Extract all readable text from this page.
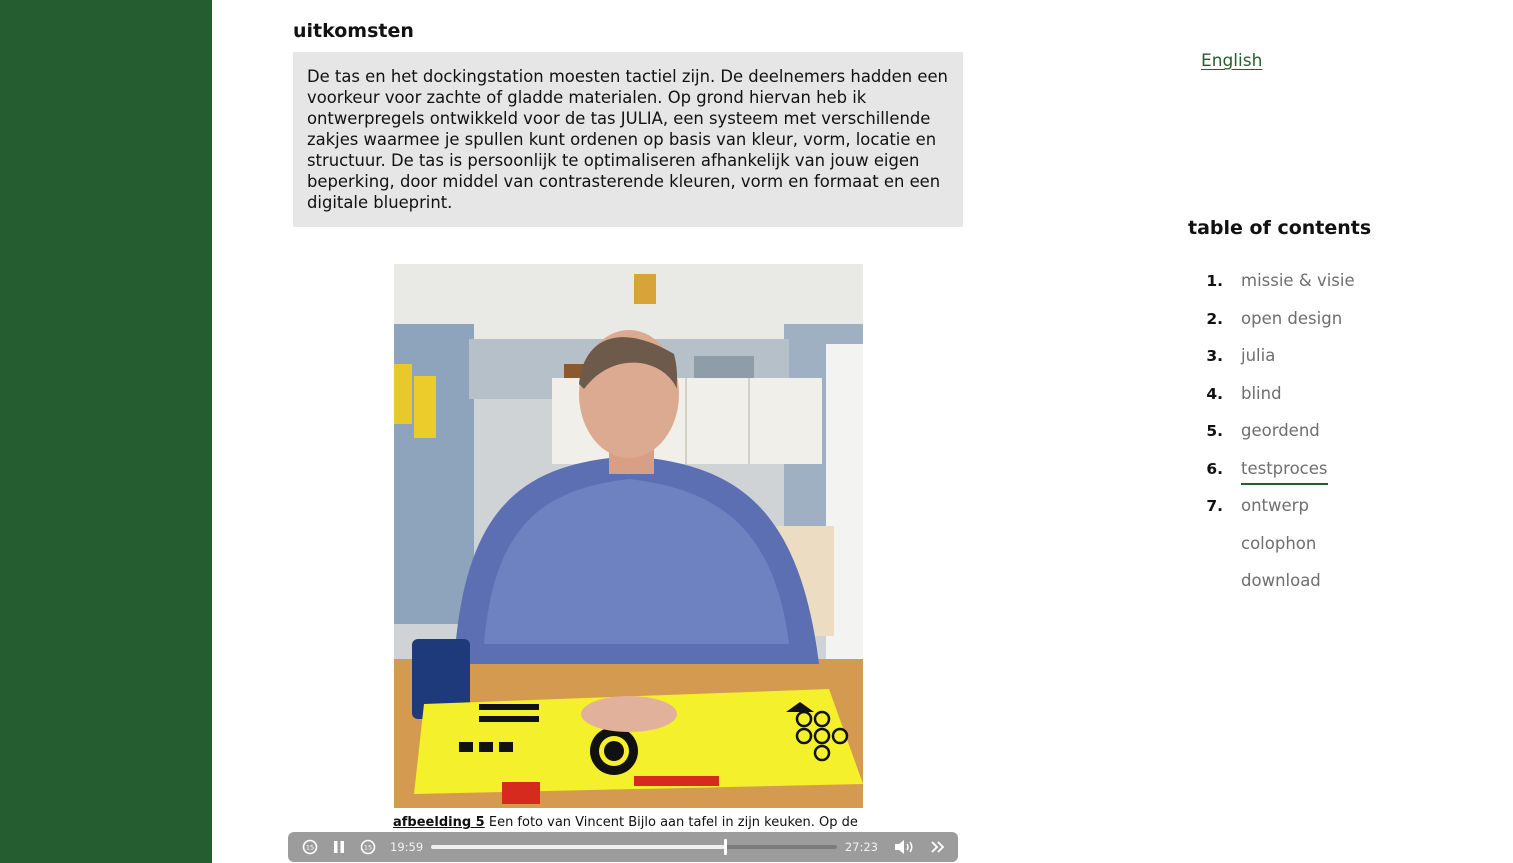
uitkomsten

De tas en het dockingstation moesten tactiel zijn. De deelnemers hadden een voorkeur voor zachte of gladde materialen. Op grond hiervan heb ik ontwerpregels ontwikkeld voor de tas JULIA, een systeem met verschillende zakjes waarmee je spullen kunt ordenen op basis van kleur, vorm, locatie en structuur. De tas is persoonlijk te optimaliseren afhankelijk van jouw eigen beperking, door middel van contrasterende kleuren, vorm en formaat en een digitale blueprint.

afbeelding 5 Een foto van Vincent Bijlo aan tafel in zijn keuken. Op de
15	15 19:59	27:23
English
table of contents
1.	missie & visie
2.	open design
3.	julia
4.	blind
5.	geordend
6.	testproces
7.	ontwerp
colophon
download
